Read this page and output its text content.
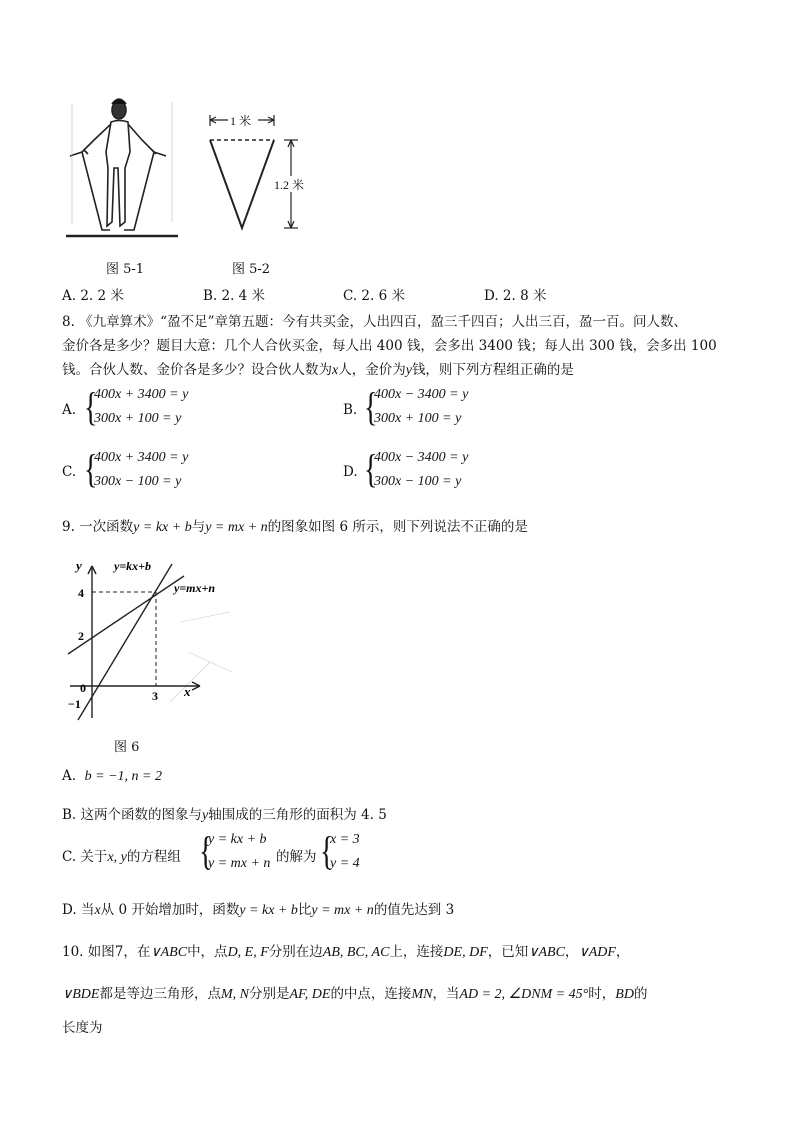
1 米
1.2 米
图 5-1	图 5-2
A. 2. 2 米	B. 2. 4 米	C. 2. 6 米	D. 2. 8 米
8. 《九章算术》“盈不足”章第五题：今有共买金，人出四百，盈三千四百；人出三百，盈一百。问人数、
金价各是多少？题目大意：几个人合伙买金，每人出 400 钱，会多出 3400 钱；每人出 300 钱，会多出 100
钱。合伙人数、金价各是多少？设合伙人数为x人，金价为y钱，则下列方程组正确的是
A. {
400x + 3400 = y
300x + 100 = y
B. {
400x − 3400 = y
300x + 100 = y
C. {
400x + 3400 = y
300x − 100 = y
D. {
400x − 3400 = y
300x − 100 = y
9. 一次函数y = kx + b与y = mx + n的图象如图 6 所示，则下列说法不正确的是
y
x
y=kx+b
y=mx+n
4
2
0
−1
3
图 6
A. b = −1, n = 2
B. 这两个函数的图象与y轴围成的三角形的面积为 4. 5
C. 关于x, y的方程组 {
y = kx + b
y = mx + n 的解为 {
x = 3
y = 4
D. 当x从 0 开始增加时，函数y = kx + b比y = mx + n的值先达到 3
10. 如图7，在∨ABC中，点D, E, F分别在边AB, BC, AC上，连接DE, DF，已知∨ABC，∨ADF，
∨BDE都是等边三角形，点M, N分别是AF, DE的中点，连接MN，当AD = 2, ∠DNM = 45°时，BD的
长度为
